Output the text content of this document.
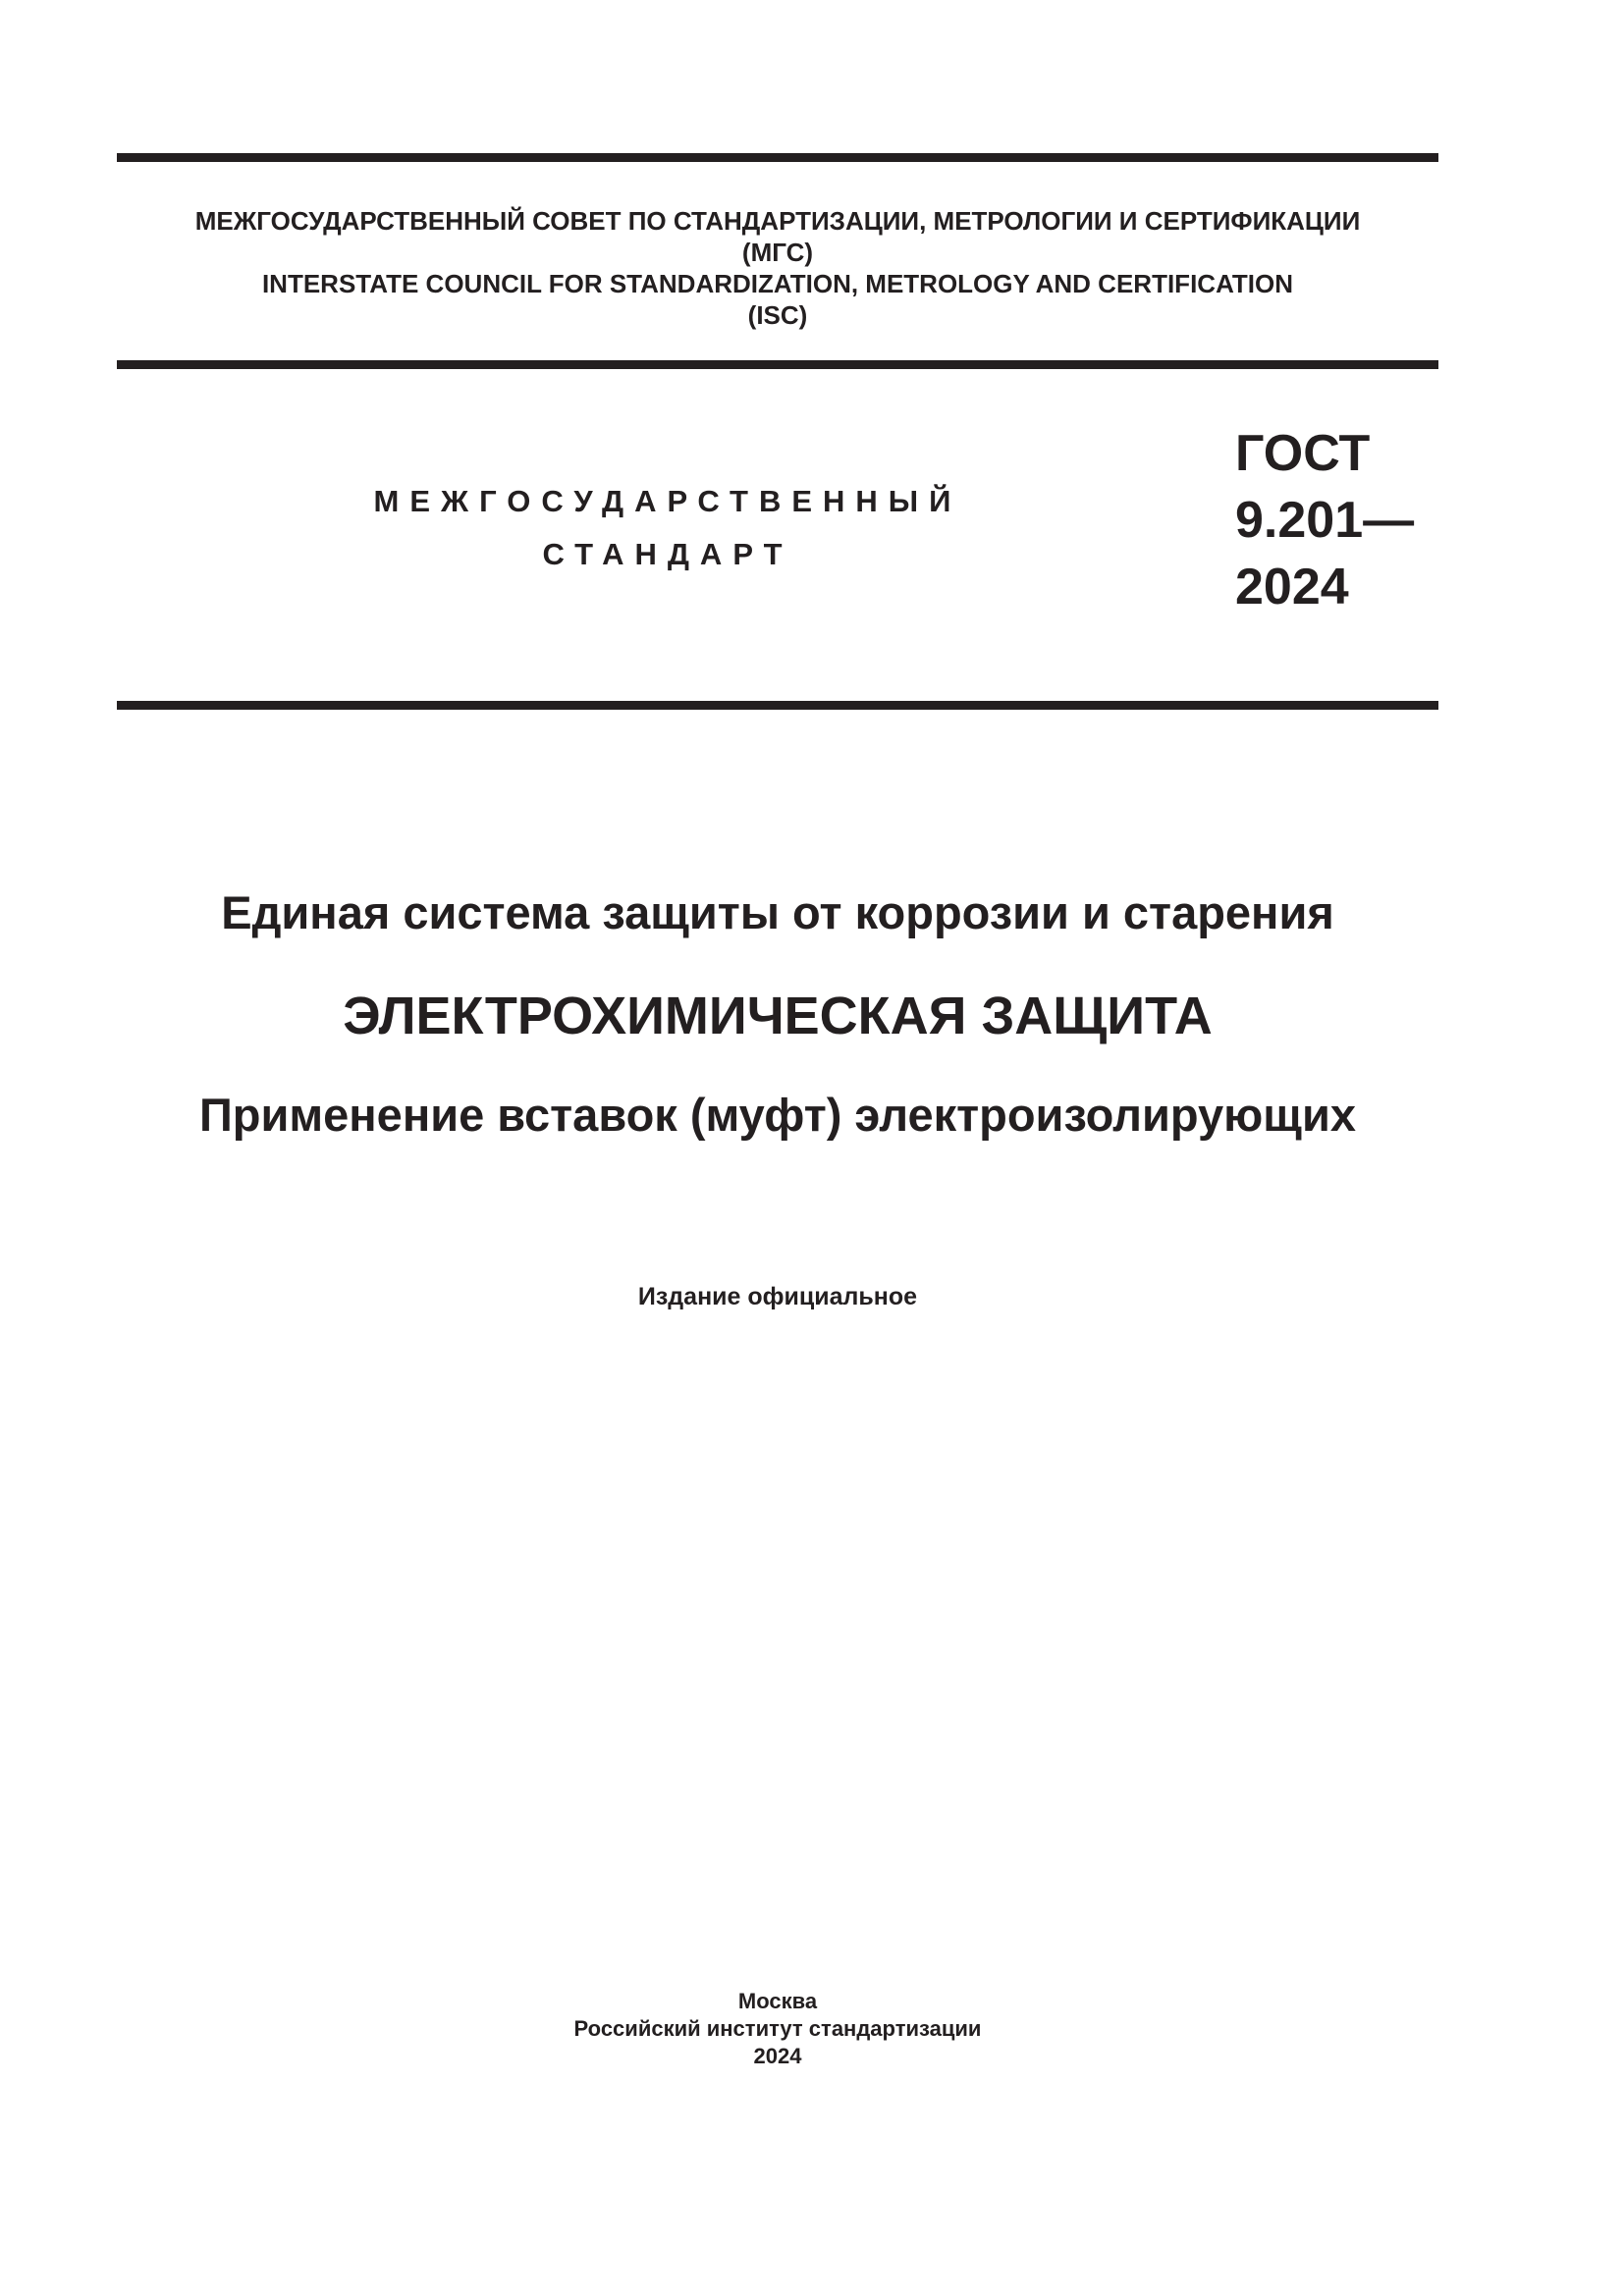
МЕЖГОСУДАРСТВЕННЫЙ СОВЕТ ПО СТАНДАРТИЗАЦИИ, МЕТРОЛОГИИ И СЕРТИФИКАЦИИ
(МГС)
INTERSTATE COUNCIL FOR STANDARDIZATION, METROLOGY AND CERTIFICATION
(ISC)
МЕЖГОСУДАРСТВЕННЫЙ
СТАНДАРТ
ГОСТ
9.201—
2024
Единая система защиты от коррозии и старения
ЭЛЕКТРОХИМИЧЕСКАЯ ЗАЩИТА
Применение вставок (муфт) электроизолирующих
Издание официальное
Москва
Российский институт стандартизации
2024
